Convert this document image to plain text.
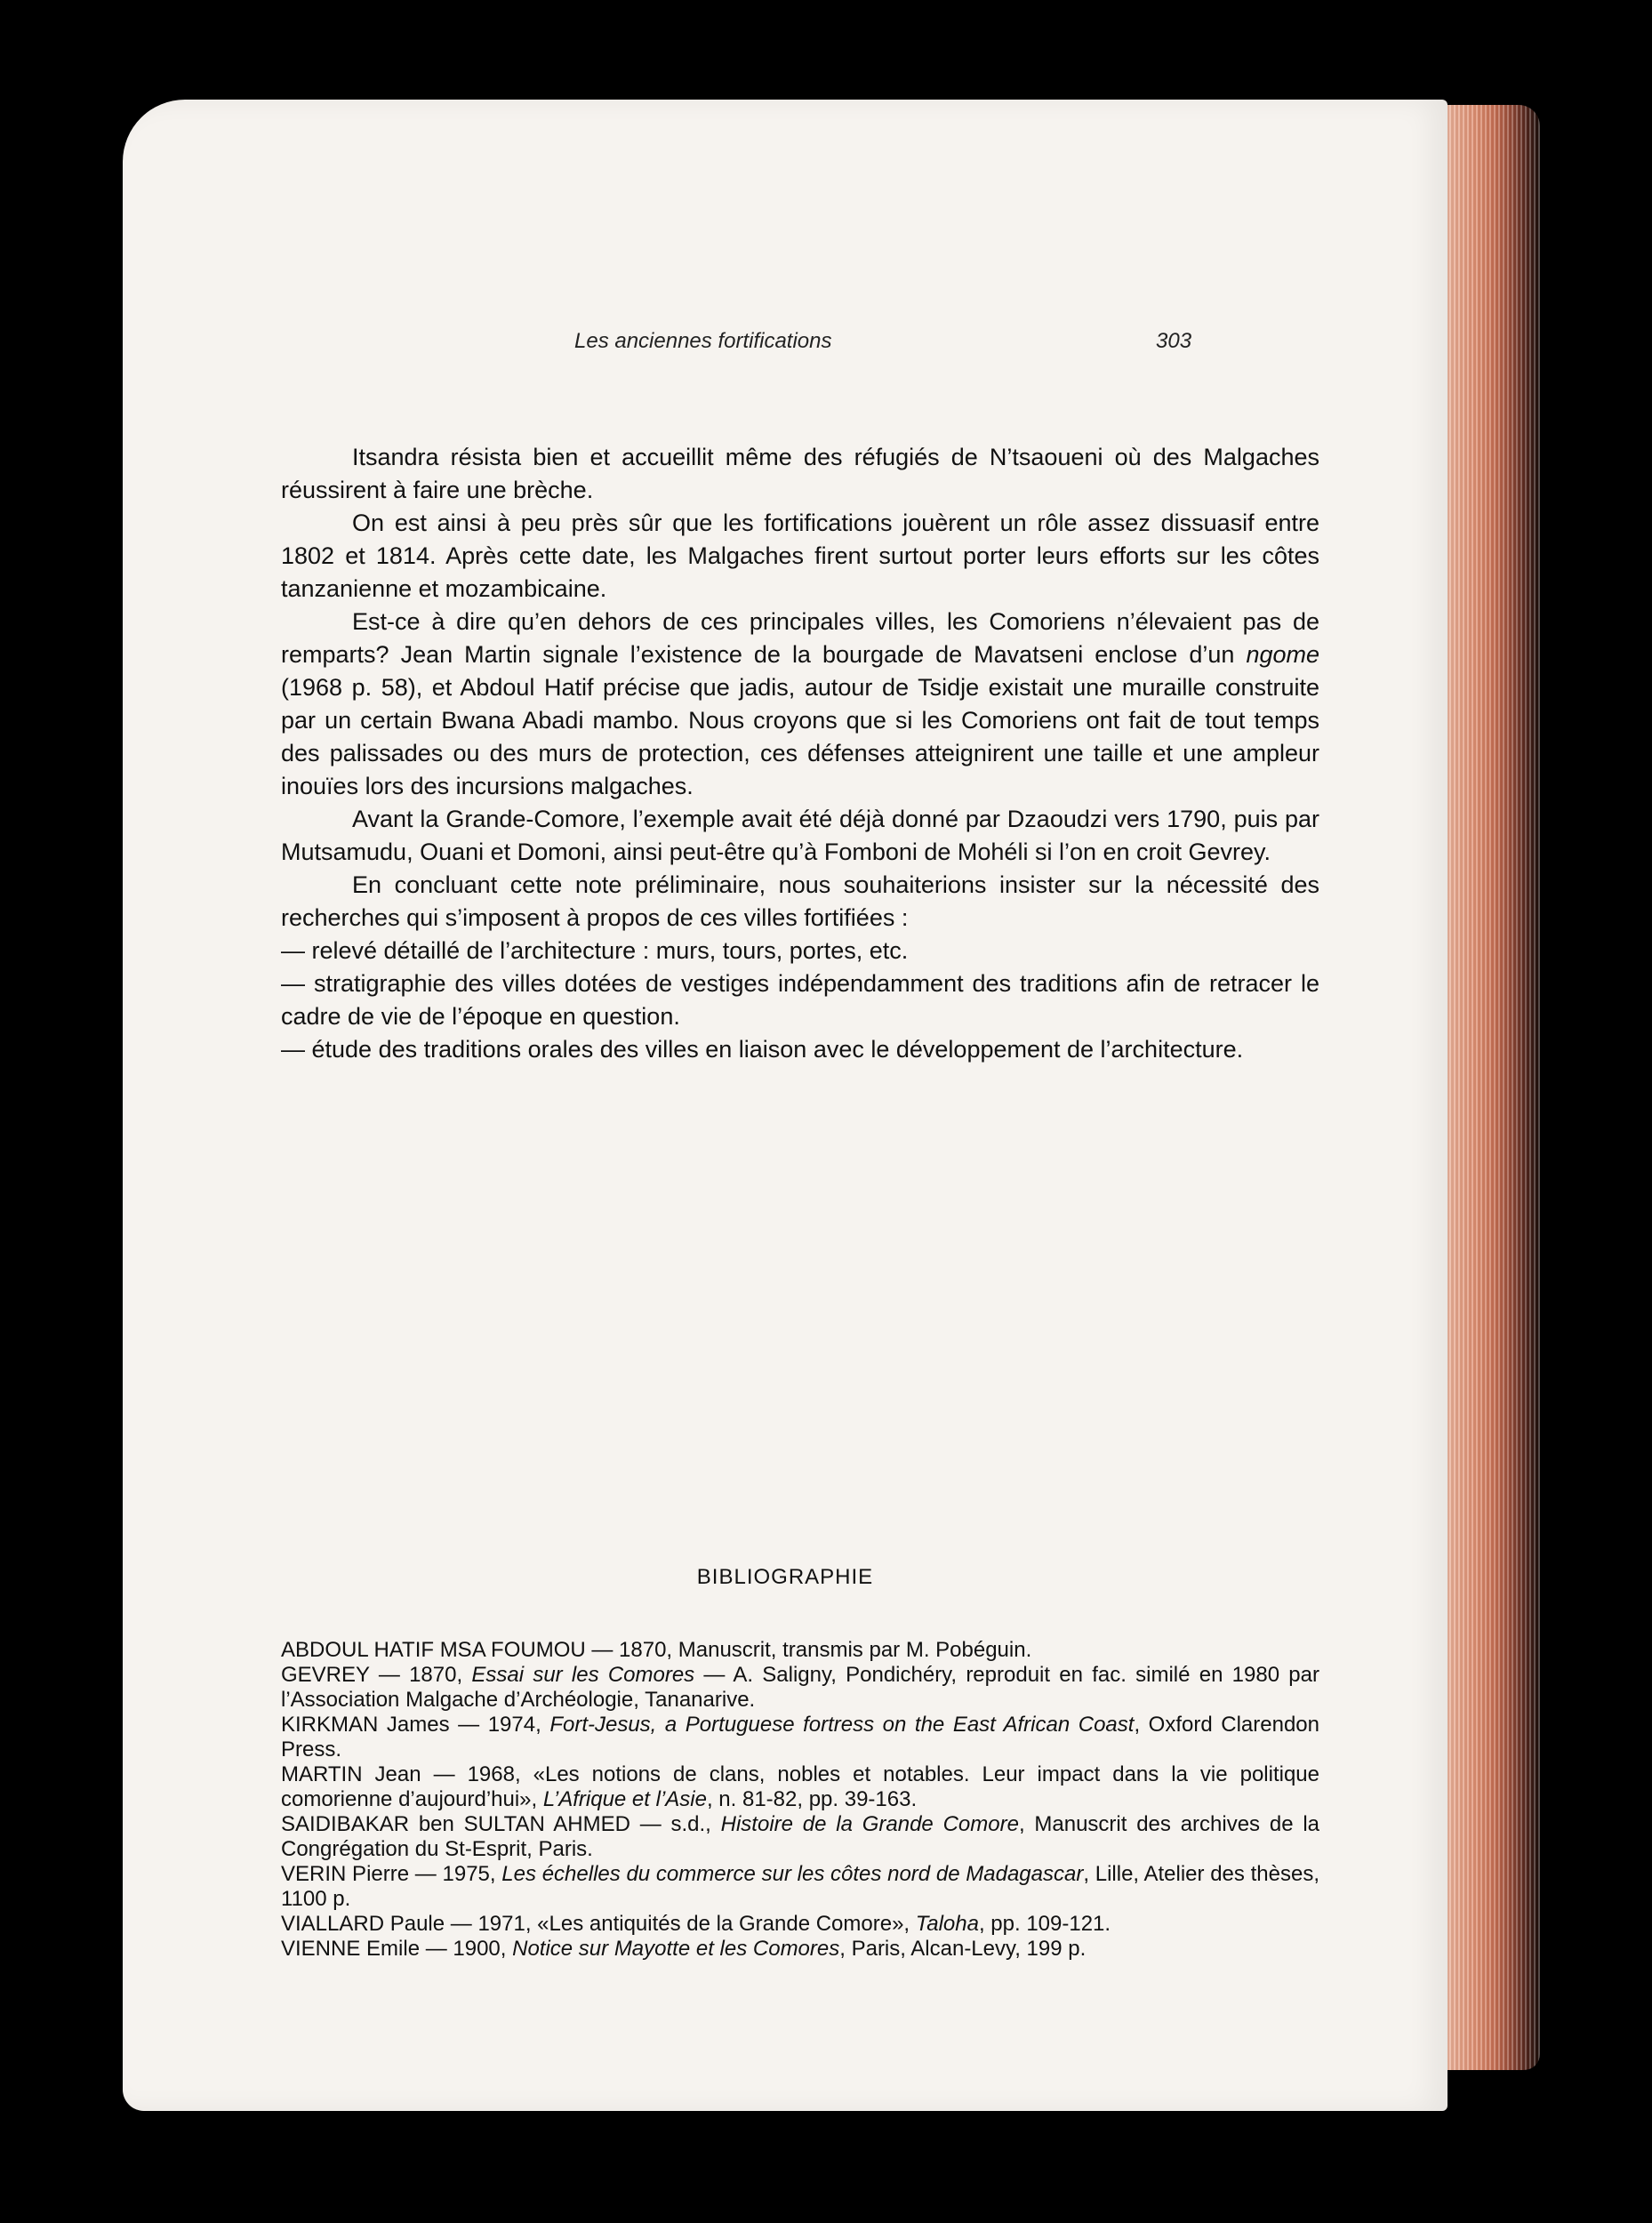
Les anciennes fortifications	303

Itsandra résista bien et accueillit même des réfugiés de N’tsaoueni où des Malgaches réussirent à faire une brèche.

On est ainsi à peu près sûr que les fortifications jouèrent un rôle assez dissuasif entre 1802 et 1814. Après cette date, les Malgaches firent surtout porter leurs efforts sur les côtes tanzanienne et mozambicaine.

Est-ce à dire qu’en dehors de ces principales villes, les Comoriens n’élevaient pas de remparts? Jean Martin signale l’existence de la bourgade de Mavatseni enclose d’un ngome (1968 p. 58), et Abdoul Hatif précise que jadis, autour de Tsidje existait une muraille construite par un certain Bwana Abadi mambo. Nous croyons que si les Comoriens ont fait de tout temps des palissades ou des murs de protection, ces défenses atteignirent une taille et une ampleur inouïes lors des incursions malgaches.

Avant la Grande-Comore, l’exemple avait été déjà donné par Dzaoudzi vers 1790, puis par Mutsamudu, Ouani et Domoni, ainsi peut-être qu’à Fomboni de Mohéli si l’on en croit Gevrey.

En concluant cette note préliminaire, nous souhaiterions insister sur la nécessité des recherches qui s’imposent à propos de ces villes fortifiées :

— relevé détaillé de l’architecture : murs, tours, portes, etc.

— stratigraphie des villes dotées de vestiges indépendamment des traditions afin de retracer le cadre de vie de l’époque en question.

— étude des traditions orales des villes en liaison avec le développement de l’architecture.

BIBLIOGRAPHIE

ABDOUL HATIF MSA FOUMOU — 1870, Manuscrit, transmis par M. Pobéguin.

GEVREY — 1870, Essai sur les Comores — A. Saligny, Pondichéry, reproduit en fac. similé en 1980 par l’Association Malgache d’Archéologie, Tananarive.

KIRKMAN James — 1974, Fort-Jesus, a Portuguese fortress on the East African Coast, Oxford Clarendon Press.

MARTIN Jean — 1968, «Les notions de clans, nobles et notables. Leur impact dans la vie politique comorienne d’aujourd’hui», L’Afrique et l’Asie, n. 81-82, pp. 39-163.

SAIDIBAKAR ben SULTAN AHMED — s.d., Histoire de la Grande Comore, Manuscrit des archives de la Congrégation du St-Esprit, Paris.

VERIN Pierre — 1975, Les échelles du commerce sur les côtes nord de Madagascar, Lille, Atelier des thèses, 1100 p.

VIALLARD Paule — 1971, «Les antiquités de la Grande Comore», Taloha, pp. 109-121.

VIENNE Emile — 1900, Notice sur Mayotte et les Comores, Paris, Alcan-Levy, 199 p.
